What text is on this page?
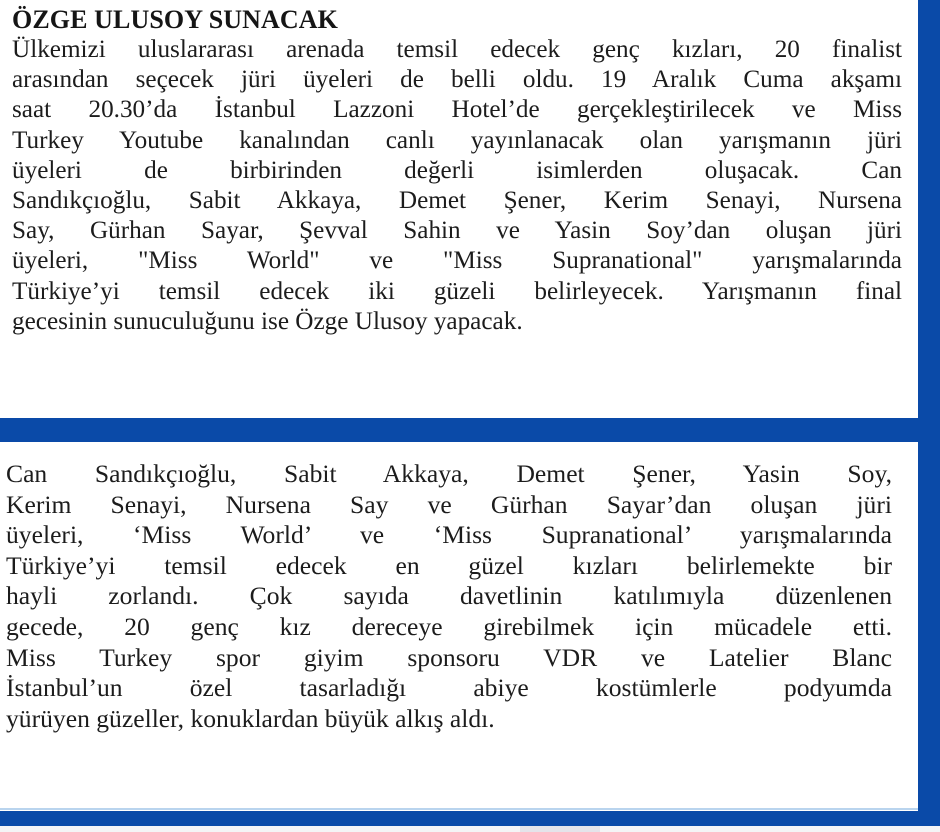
ÖZGE ULUSOY SUNACAK

Ülkemizi uluslararası arenada temsil edecek genç kızları, 20 finalist
arasından seçecek jüri üyeleri de belli oldu. 19 Aralık Cuma akşamı
saat 20.30’da İstanbul Lazzoni Hotel’de gerçekleştirilecek ve Miss
Turkey Youtube kanalından canlı yayınlanacak olan yarışmanın jüri
üyeleri de birbirinden değerli isimlerden oluşacak. Can
Sandıkçıoğlu, Sabit Akkaya, Demet Şener, Kerim Senayi, Nursena
Say, Gürhan Sayar, Şevval Sahin ve Yasin Soy’dan oluşan jüri
üyeleri, "Miss World" ve "Miss Supranational" yarışmalarında
Türkiye’yi temsil edecek iki güzeli belirleyecek. Yarışmanın final
gecesinin sunuculuğunu ise Özge Ulusoy yapacak.

Can Sandıkçıoğlu, Sabit Akkaya, Demet Şener, Yasin Soy,
Kerim Senayi, Nursena Say ve Gürhan Sayar’dan oluşan jüri
üyeleri, ‘Miss World’ ve ‘Miss Supranational’ yarışmalarında
Türkiye’yi temsil edecek en güzel kızları belirlemekte bir
hayli zorlandı. Çok sayıda davetlinin katılımıyla düzenlenen
gecede, 20 genç kız dereceye girebilmek için mücadele etti.
Miss Turkey spor giyim sponsoru VDR ve Latelier Blanc
İstanbul’un özel tasarladığı abiye kostümlerle podyumda
yürüyen güzeller, konuklardan büyük alkış aldı.
